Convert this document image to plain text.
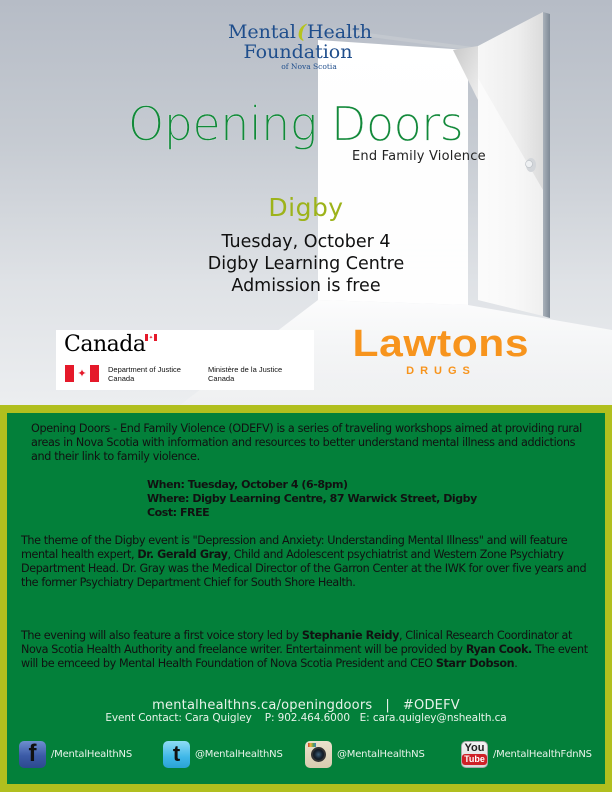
Mental(Health
Foundation
of Nova Scotia
Opening Doors
End Family Violence
Digby
Tuesday, October 4
Digby Learning Centre
Admission is free
Canada ✦
✦	Department of Justice
Canada
Ministère de la Justice
Canada
Lawtons
DRUGS

Opening Doors - End Family Violence (ODEFV) is a series of traveling workshops aimed at providing rural areas in Nova Scotia with information and resources to better understand mental illness and addictions and their link to family violence.

When: Tuesday, October 4 (6-8pm)
Where: Digby Learning Centre, 87 Warwick Street, Digby
Cost: FREE

The theme of the Digby event is "Depression and Anxiety: Understanding Mental Illness" and will feature mental health expert, Dr. Gerald Gray, Child and Adolescent psychiatrist and Western Zone Psychiatry Department Head. Dr. Gray was the Medical Director of the Garron Center at the IWK for over five years and the former Psychiatry Department Chief for South Shore Health.

The evening will also feature a first voice story led by Stephanie Reidy, Clinical Research Coordinator at Nova Scotia Health Authority and freelance writer. Entertainment will be provided by Ryan Cook. The event will be emceed by Mental Health Foundation of Nova Scotia President and CEO Starr Dobson.

mentalhealthns.ca/openingdoors   |   #ODEFV
Event Contact: Cara Quigley    P: 902.464.6000   E: cara.quigley@nshealth.ca
f	/MentalHealthNS	t	@MentalHealthNS	@MentalHealthNS	You
Tube /MentalHealthFdnNS
